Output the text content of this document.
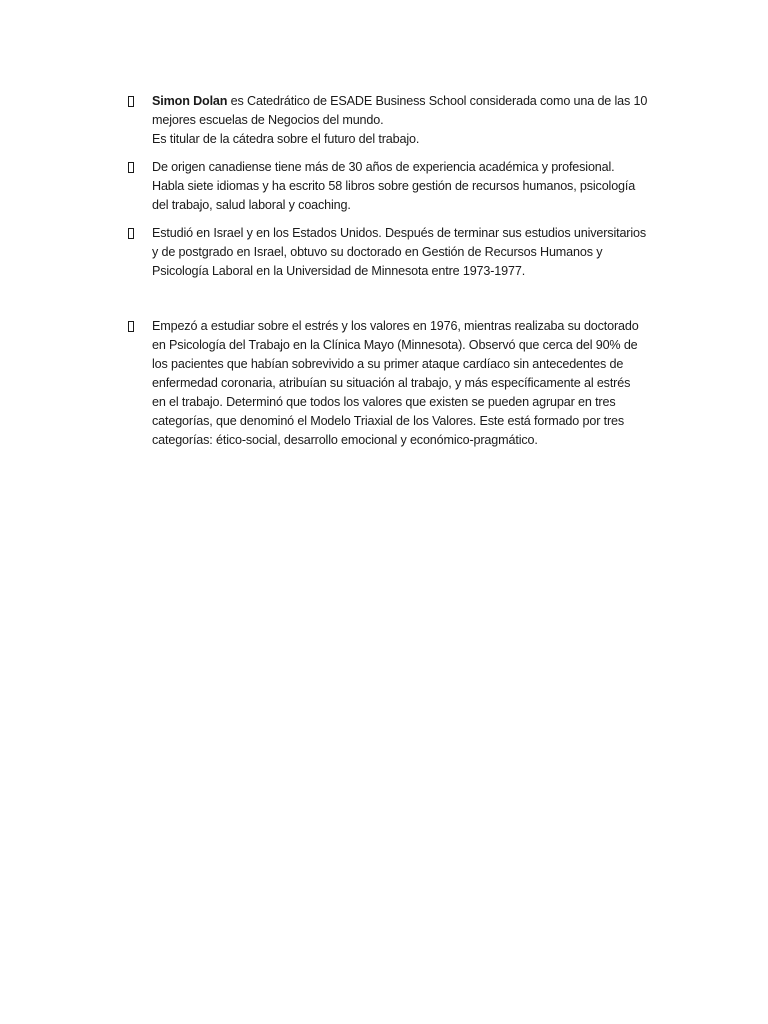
Simon Dolan es Catedrático de ESADE Business School considerada como una de las 10
mejores escuelas de Negocios del mundo.
Es titular de la cátedra sobre el futuro del trabajo.
De origen canadiense tiene más de 30 años de experiencia académica y profesional.
Habla siete idiomas y ha escrito 58 libros sobre gestión de recursos humanos, psicología
del trabajo, salud laboral y coaching.
Estudió en Israel y en los Estados Unidos. Después de terminar sus estudios universitarios
y de postgrado en Israel, obtuvo su doctorado en Gestión de Recursos Humanos y
Psicología Laboral en la Universidad de Minnesota entre 1973-1977.
Empezó a estudiar sobre el estrés y los valores en 1976, mientras realizaba su doctorado
en Psicología del Trabajo en la Clínica Mayo (Minnesota). Observó que cerca del 90% de
los pacientes que habían sobrevivido a su primer ataque cardíaco sin antecedentes de
enfermedad coronaria, atribuían su situación al trabajo, y más específicamente al estrés
en el trabajo. Determinó que todos los valores que existen se pueden agrupar en tres
categorías, que denominó el Modelo Triaxial de los Valores. Este está formado por tres
categorías: ético-social, desarrollo emocional y económico-pragmático.
